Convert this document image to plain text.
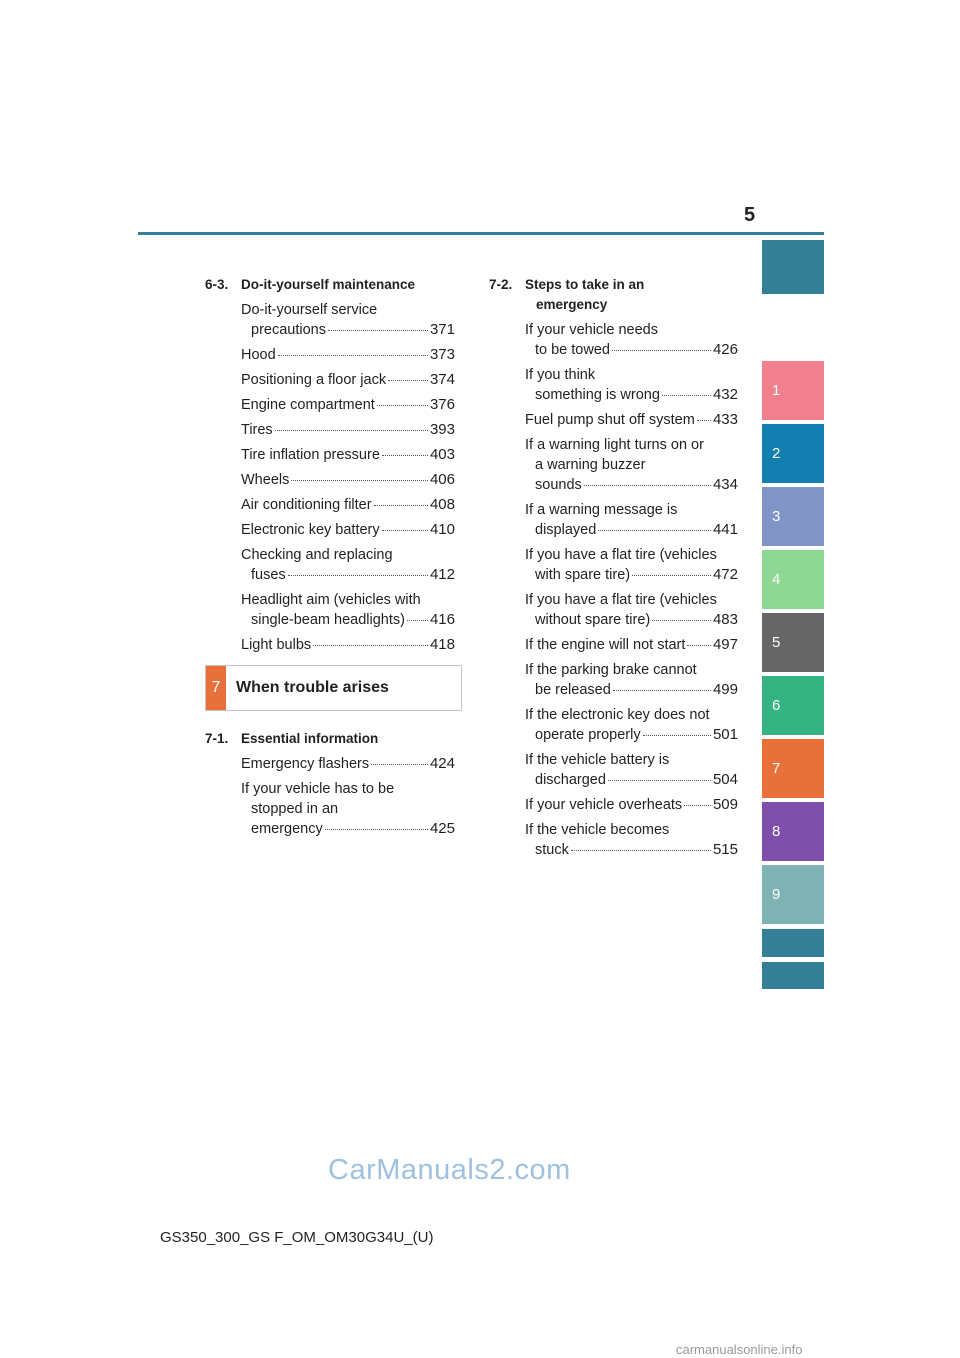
5
1
2
3
4
5
6
7
8
9
6-3. Do-it-yourself maintenance
Do-it-yourself service
precautions	371
Hood	373
Positioning a floor jack	374
Engine compartment	376
Tires	393
Tire inflation pressure	403
Wheels	406
Air conditioning filter	408
Electronic key battery	410
Checking and replacing
fuses	412
Headlight aim (vehicles with
single-beam headlights) 416
Light bulbs	418
7 When trouble arises
7-1. Essential information
Emergency flashers	424
If your vehicle has to be
stopped in an
emergency	425
7-2. Steps to take in an
emergency
If your vehicle needs
to be towed	426
If you think
something is wrong	432
Fuel pump shut off system 433
If a warning light turns on or
a warning buzzer
sounds	434
If a warning message is
displayed	441
If you have a flat tire (vehicles
with spare tire)	472
If you have a flat tire (vehicles
without spare tire)	483
If the engine will not start 497
If the parking brake cannot
be released	499
If the electronic key does not
operate properly	501
If the vehicle battery is
discharged	504
If your vehicle overheats 509
If the vehicle becomes
stuck	515
CarManuals2.com
GS350_300_GS F_OM_OM30G34U_(U)
carmanualsonline.info
